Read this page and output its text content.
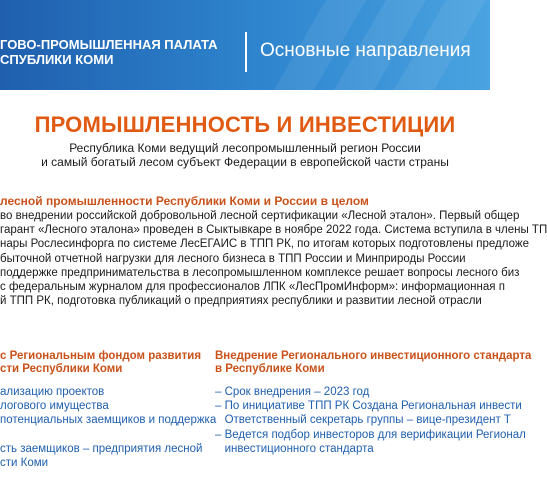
ГОВО-ПРОМЫШЛЕННАЯ ПАЛАТА
СПУБЛИКИ КОМИ	Основные направления
ПРОМЫШЛЕННОСТЬ И ИНВЕСТИЦИИ
Республика Коми ведущий лесопромышленный регион России
и самый богатый лесом субъект Федерации в европейской части страны
лесной промышленности Республики Коми и России в целом
во внедрении российской добровольной лесной сертификации «Лесной эталон». Первый общер
гарант «Лесного эталона» проведен в Сыктывкаре в ноябре 2022 года. Система вступила в члены ТП
нары Рослесинфорга по системе ЛесЕГАИС в ТПП РК, по итогам которых подготовлены предложе
быточной отчетной нагрузки для лесного бизнеса в ТПП России и Минприроды России
поддержке предпринимательства в лесопромышленном комплексе решает вопросы лесного биз
с федеральным журналом для профессионалов ЛПК «ЛесПромИнформ»: информационная п
й ТПП РК, подготовка публикаций о предприятиях республики и развитии лесной отрасли
с Региональным фондом развития
сти Республики Коми
ализацию проектов
логового имущества
потенциальных заемщиков и поддержка

сть заемщиков – предприятия лесной
сти Коми
Внедрение Регионального инвестиционного стандарта
в Республике Коми
– Срок внедрения – 2023 год
– По инициативе ТПП РК Создана Региональная инвести
Ответственный секретарь группы – вице-президент Т
– Ведется подбор инвесторов для верификации Регионал
инвестиционного стандарта
